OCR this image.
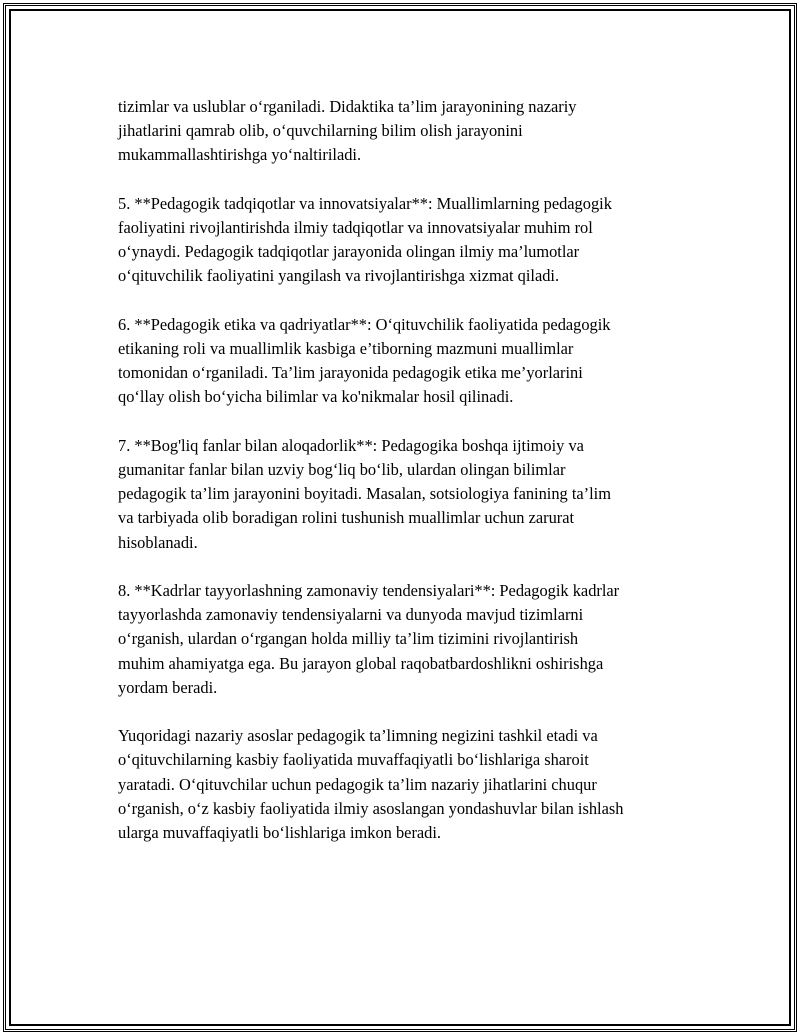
tizimlar va uslublar o‘rganiladi. Didaktika ta’lim jarayonining nazariy
jihatlarini qamrab olib, o‘quvchilarning bilim olish jarayonini
mukammallashtirishga yo‘naltiriladi.

5. **Pedagogik tadqiqotlar va innovatsiyalar**: Muallimlarning pedagogik
faoliyatini rivojlantirishda ilmiy tadqiqotlar va innovatsiyalar muhim rol
o‘ynaydi. Pedagogik tadqiqotlar jarayonida olingan ilmiy ma’lumotlar
o‘qituvchilik faoliyatini yangilash va rivojlantirishga xizmat qiladi.

6. **Pedagogik etika va qadriyatlar**: O‘qituvchilik faoliyatida pedagogik
etikaning roli va muallimlik kasbiga e’tiborning mazmuni muallimlar
tomonidan o‘rganiladi. Ta’lim jarayonida pedagogik etika me’yorlarini
qo‘llay olish bo‘yicha bilimlar va ko'nikmalar hosil qilinadi.

7. **Bog'liq fanlar bilan aloqadorlik**: Pedagogika boshqa ijtimoiy va
gumanitar fanlar bilan uzviy bog‘liq bo‘lib, ulardan olingan bilimlar
pedagogik ta’lim jarayonini boyitadi. Masalan, sotsiologiya fanining ta’lim
va tarbiyada olib boradigan rolini tushunish muallimlar uchun zarurat
hisoblanadi.

8. **Kadrlar tayyorlashning zamonaviy tendensiyalari**: Pedagogik kadrlar
tayyorlashda zamonaviy tendensiyalarni va dunyoda mavjud tizimlarni
o‘rganish, ulardan o‘rgangan holda milliy ta’lim tizimini rivojlantirish
muhim ahamiyatga ega. Bu jarayon global raqobatbardoshlikni oshirishga
yordam beradi.

Yuqoridagi nazariy asoslar pedagogik ta’limning negizini tashkil etadi va
o‘qituvchilarning kasbiy faoliyatida muvaffaqiyatli bo‘lishlariga sharoit
yaratadi. O‘qituvchilar uchun pedagogik ta’lim nazariy jihatlarini chuqur
o‘rganish, o‘z kasbiy faoliyatida ilmiy asoslangan yondashuvlar bilan ishlash
ularga muvaffaqiyatli bo‘lishlariga imkon beradi.
